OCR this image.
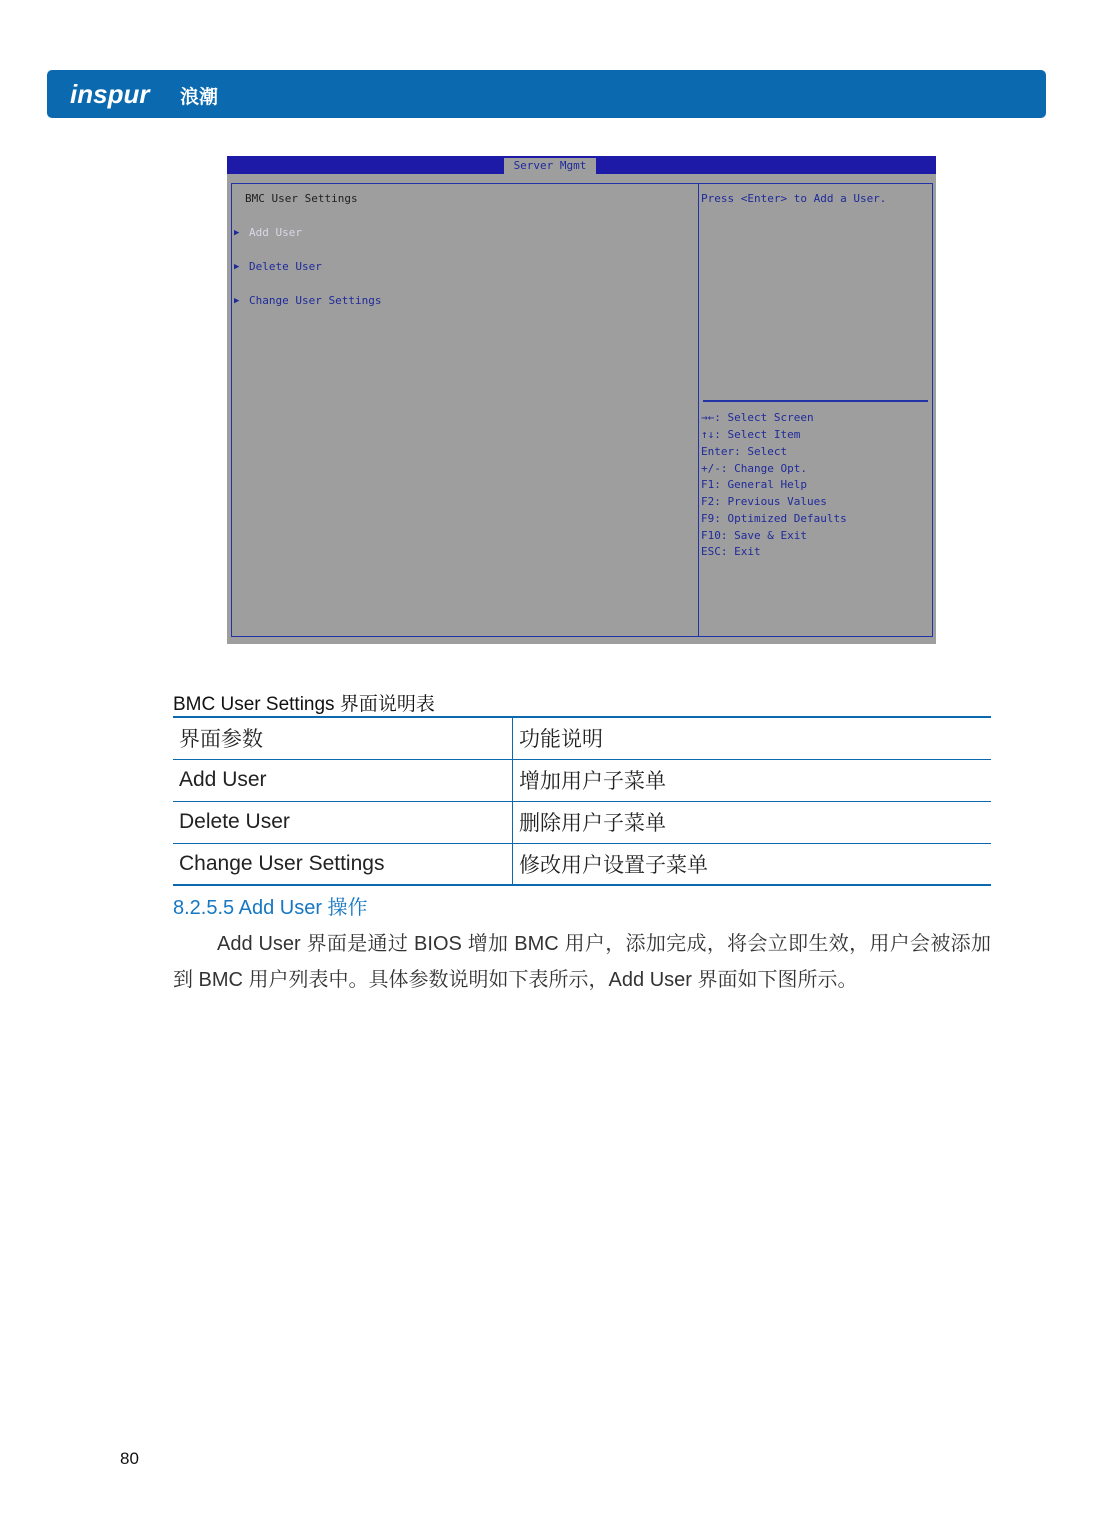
inspur 浪潮
Server Mgmt
BMC User Settings
▶ Add User
▶ Delete User
▶ Change User Settings
Press <Enter> to Add a User.
→←: Select Screen
↑↓: Select Item
Enter: Select
+/-: Change Opt.
F1: General Help
F2: Previous Values
F9: Optimized Defaults
F10: Save & Exit
ESC: Exit
BMC User Settings 界面说明表
界面参数	功能说明
Add User	增加用户子菜单
Delete User	删除用户子菜单
Change User Settings	修改用户设置子菜单
8.2.5.5 Add User 操作
Add User 界面是通过 BIOS 增加 BMC 用户，添加完成，将会立即生效，用户会被添加到 BMC 用户列表中。具体参数说明如下表所示，Add User 界面如下图所示。
80
